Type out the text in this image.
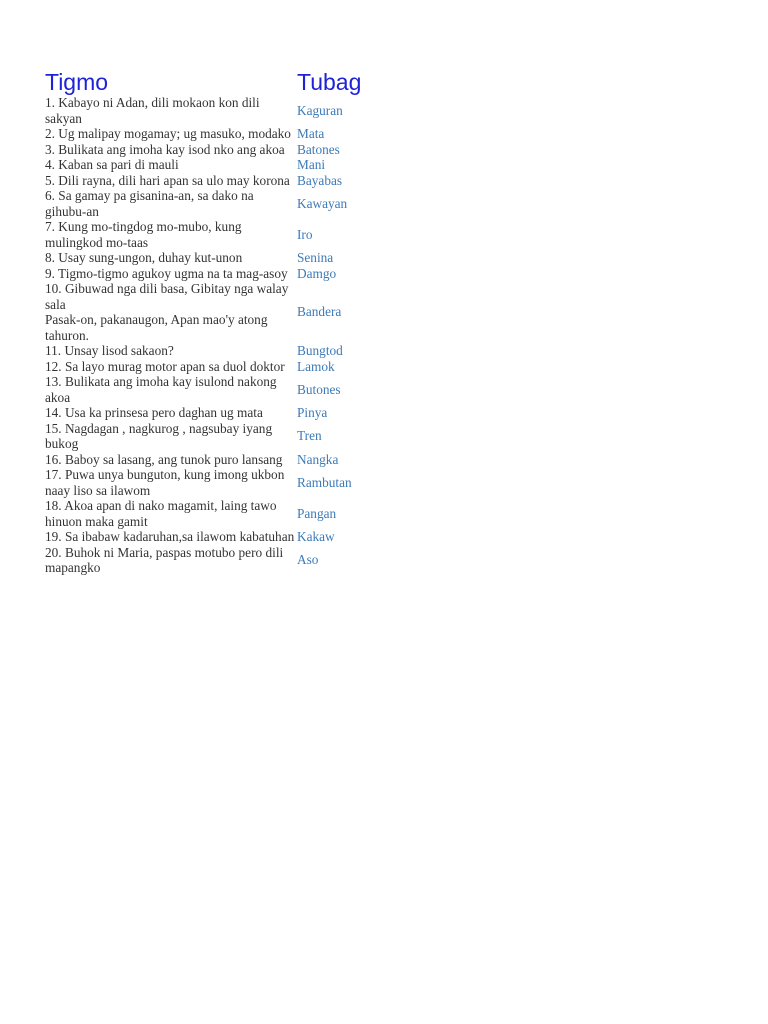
Tigmo	Tubag
1. Kabayo ni Adan, dili mokaon kon dili sakyan	Kaguran
2. Ug malipay mogamay; ug masuko, modako	Mata
3. Bulikata ang imoha kay isod nko ang akoa	Batones
4. Kaban sa pari di mauli	Mani
5. Dili rayna, dili hari apan sa ulo may korona	Bayabas
6. Sa gamay pa gisanina-an, sa dako na gihubu-an	Kawayan
7. Kung mo-tingdog mo-mubo, kung mulingkod mo-taas	Iro
8. Usay sung-ungon, duhay kut-unon	Senina
9. Tigmo-tigmo agukoy ugma na ta mag-asoy	Damgo
10. Gibuwad nga dili basa, Gibitay nga walay sala
Pasak-on, pakanaugon, Apan mao'y atong tahuron.	Bandera
11. Unsay lisod sakaon?	Bungtod
12. Sa layo murag motor apan sa duol doktor	Lamok
13. Bulikata ang imoha kay isulond nakong akoa	Butones
14. Usa ka prinsesa pero daghan ug mata	Pinya
15. Nagdagan , nagkurog , nagsubay iyang bukog	Tren
16. Baboy sa lasang, ang tunok puro lansang	Nangka
17. Puwa unya bunguton, kung imong ukbon naay liso sa ilawom	Rambutan
18. Akoa apan di nako magamit, laing tawo hinuon maka gamit	Pangan
19. Sa ibabaw kadaruhan,sa ilawom kabatuhan	Kakaw
20. Buhok ni Maria, paspas motubo pero dili mapangko	Aso
